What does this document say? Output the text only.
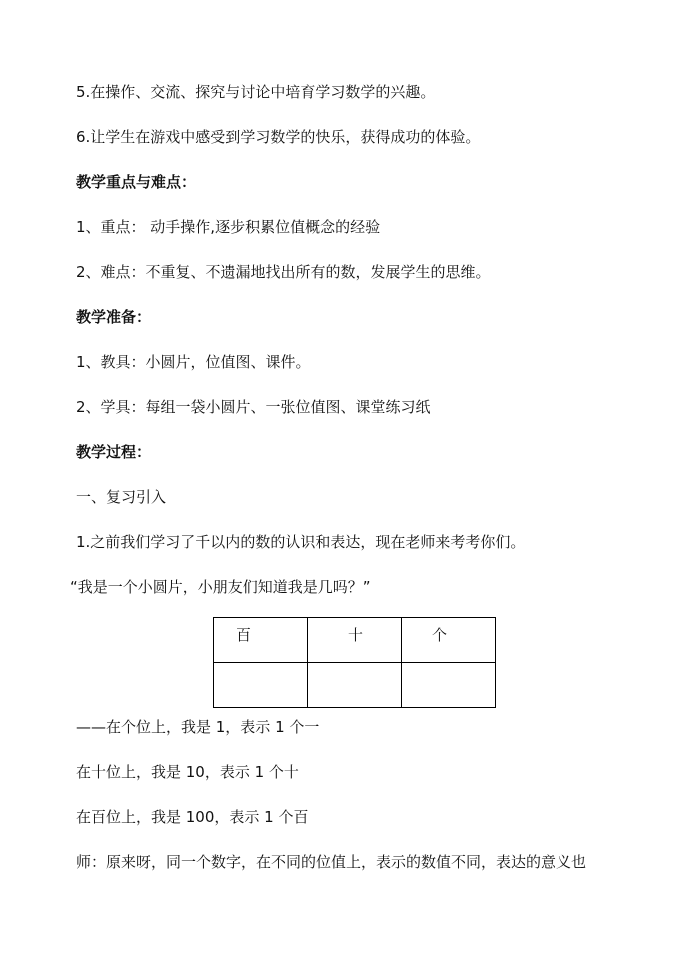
5.在操作、交流、探究与讨论中培育学习数学的兴趣。
6.让学生在游戏中感受到学习数学的快乐，获得成功的体验。
教学重点与难点：
1、重点： 动手操作,逐步积累位值概念的经验
2、难点：不重复、不遗漏地找出所有的数，发展学生的思维。
教学准备：
1、教具：小圆片，位值图、课件。
2、学具：每组一袋小圆片、一张位值图、课堂练习纸
教学过程：
一、复习引入
1.之前我们学习了千以内的数的认识和表达，现在老师来考考你们。
“我是一个小圆片，小朋友们知道我是几吗？”
百	十	个

——在个位上，我是 1，表示 1 个一
在十位上，我是 10，表示 1 个十
在百位上，我是 100，表示 1 个百
师：原来呀，同一个数字，在不同的位值上，表示的数值不同，表达的意义也
